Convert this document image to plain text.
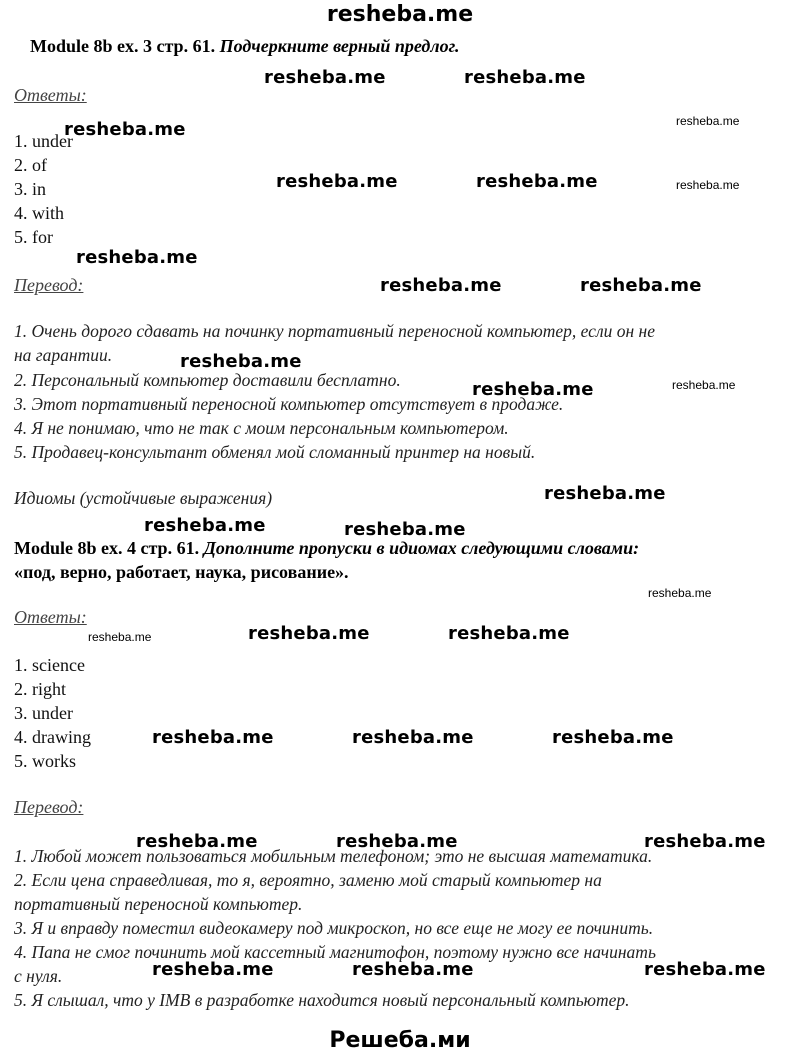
resheba.me
Module 8b ex. 3 стр. 61. Подчеркните верный предлог.
Ответы:
1. under
2. of
3. in
4. with
5. for
Перевод:
1. Очень дорого сдавать на починку портативный переносной компьютер, если он не
на гарантии.
2. Персональный компьютер доставили бесплатно.
3. Этот портативный переносной компьютер отсутствует в продаже.
4. Я не понимаю, что не так с моим персональным компьютером.
5. Продавец-консультант обменял мой сломанный принтер на новый.
Идиомы (устойчивые выражения)
Module 8b ex. 4 стр. 61. Дополните пропуски в идиомах следующими словами:
«под, верно, работает, наука, рисование».
Ответы:
1. science
2. right
3. under
4. drawing
5. works
Перевод:
1. Любой может пользоваться мобильным телефоном; это не высшая математика.
2. Если цена справедливая, то я, вероятно, заменю мой старый компьютер на
портативный переносной компьютер.
3. Я и вправду поместил видеокамеру под микроскоп, но все еще не могу ее починить.
4. Папа не смог починить мой кассетный магнитофон, поэтому нужно все начинать
с нуля.
5. Я слышал, что у IMB в разработке находится новый персональный компьютер.
Решеба.ми
resheba.me	resheba.me
resheba.me
resheba.me	resheba.me
resheba.me
resheba.me	resheba.me
resheba.me
resheba.me
resheba.me
resheba.me	resheba.me
resheba.me	resheba.me
resheba.me	resheba.me	resheba.me
resheba.me	resheba.me	resheba.me
resheba.me	resheba.me	resheba.me
resheba.me
resheba.me
resheba.me
resheba.me
resheba.me
